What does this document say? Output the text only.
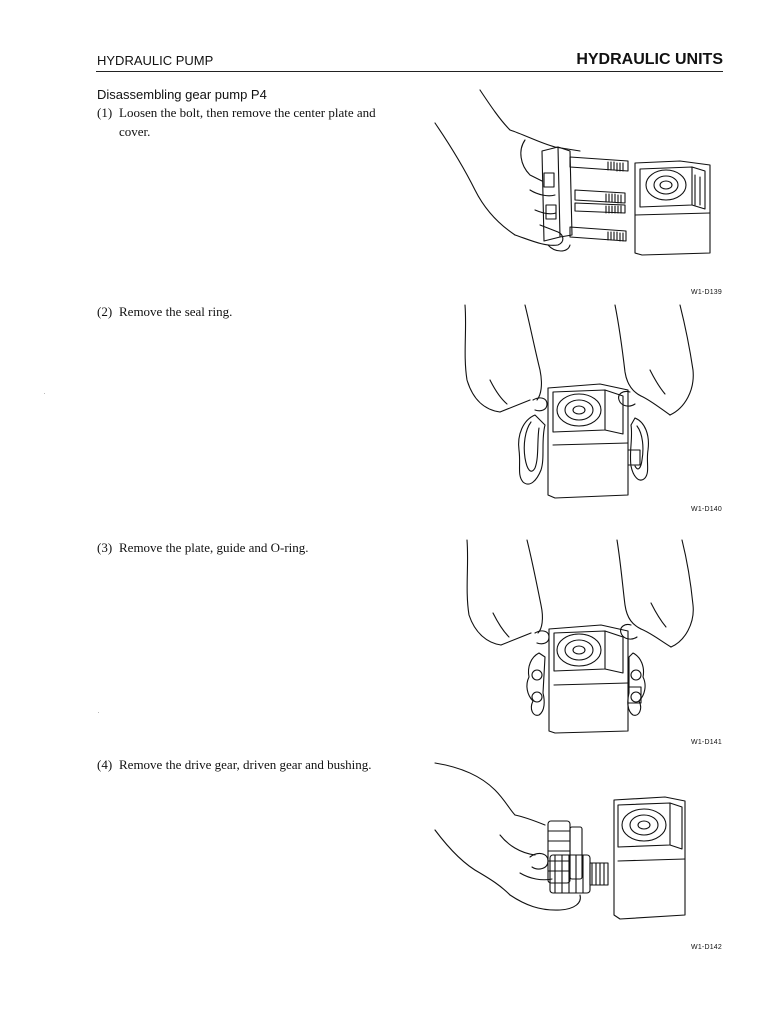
HYDRAULIC PUMP	HYDRAULIC UNITS
Disassembling gear pump P4
(1) Loosen the bolt, then remove the center plate and
cover.
(2) Remove the seal ring.
(3) Remove the plate, guide and O-ring.
(4) Remove the drive gear, driven gear and bushing.
W1-D139
W1-D140
W1-D141
W1-D142
